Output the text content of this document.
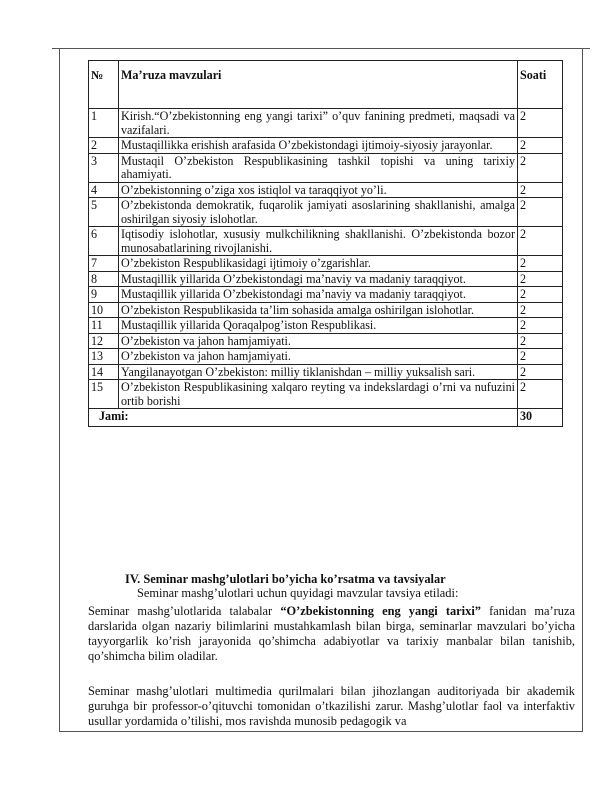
№	Ma’ruza mavzulari	Soati
1	Kirish.“O’zbekistonning eng yangi tarixi” o’quv fanining predmeti, maqsadi va vazifalari.	2
2	Mustaqillikka erishish arafasida O’zbekistondagi ijtimoiy-siyosiy jarayonlar.	2
3	Mustaqil O’zbekiston Respublikasining tashkil topishi va uning tarixiy ahamiyati.	2
4	O’zbekistonning o’ziga xos istiqlol va taraqqiyot yo’li.	2
5	O’zbekistonda demokratik, fuqarolik jamiyati asoslarining shakllanishi, amalga oshirilgan siyosiy islohotlar.	2
6	Iqtisodiy islohotlar, xususiy mulkchilikning shakllanishi. O’zbekistonda bozor munosabatlarining rivojlanishi.	2
7	O’zbekiston Respublikasidagi ijtimoiy o’zgarishlar.	2
8	Mustaqillik yillarida O’zbekistondagi ma’naviy va madaniy taraqqiyot.	2
9	Mustaqillik yillarida O’zbekistondagi ma’naviy va madaniy taraqqiyot.	2
10	O’zbekiston Respublikasida ta’lim sohasida amalga oshirilgan islohotlar.	2
11	Mustaqillik yillarida Qoraqalpog’iston Respublikasi.	2
12	O’zbekiston va jahon hamjamiyati.	2
13	O’zbekiston va jahon hamjamiyati.	2
14	Yangilanayotgan O’zbekiston: milliy tiklanishdan – milliy yuksalish sari.	2
15	O’zbekiston Respublikasining xalqaro reyting va indekslardagi o’rni va nufuzini ortib borishi	2
Jami:		30
IV. Seminar mashg’ulotlari bo’yicha ko’rsatma va tavsiyalar
Seminar mashg’ulotlari uchun quyidagi mavzular tavsiya etiladi:
Seminar mashg’ulotlarida talabalar “O’zbekistonning eng yangi tarixi” fanidan ma’ruza darslarida olgan nazariy bilimlarini mustahkamlash bilan birga, seminarlar mavzulari bo’yicha tayyorgarlik ko’rish jarayonida qo’shimcha adabiyotlar va tarixiy manbalar bilan tanishib, qo’shimcha bilim oladilar.
Seminar mashg’ulotlari multimedia qurilmalari bilan jihozlangan auditoriyada bir akademik guruhga bir professor-o’qituvchi tomonidan o’tkazilishi zarur. Mashg’ulotlar faol va interfaktiv usullar yordamida o’tilishi, mos ravishda munosib pedagogik va
